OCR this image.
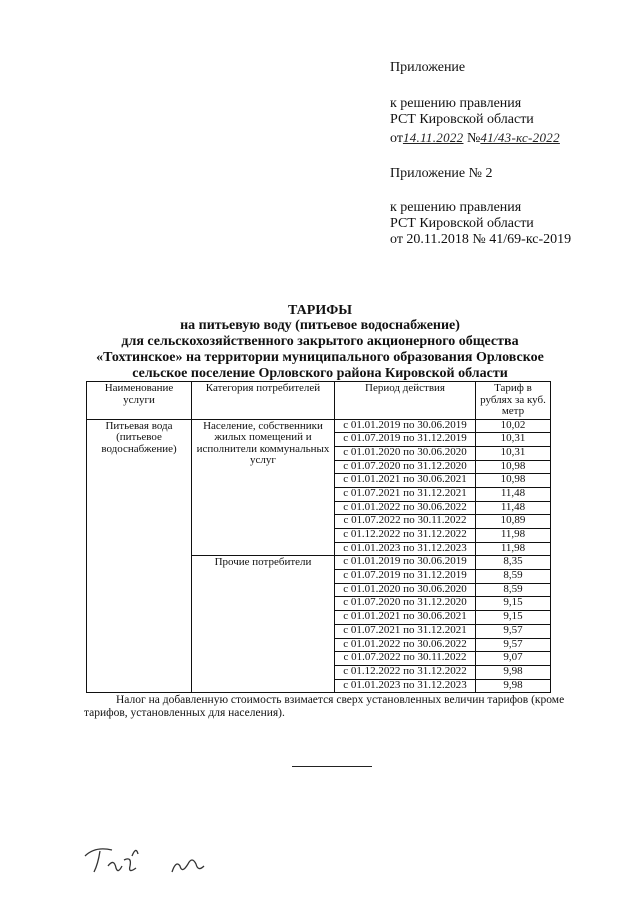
Приложение
к решению правления
РСТ Кировской области
от14.11.2022 №41/43-кс-2022
Приложение № 2
к решению правления
РСТ Кировской области
от 20.11.2018 № 41/69-кс-2019
ТАРИФЫ
на питьевую воду (питьевое водоснабжение)
для сельскохозяйственного закрытого акционерного общества
«Тохтинское» на территории муниципального образования Орловское
сельское поселение Орловского района Кировской области
Наименование услуги	Категория потребителей	Период действия	Тариф в рублях за куб. метр
Питьевая вода (питьевое водоснабжение)	Население, собственники жилых помещений и исполнители коммунальных услуг	с 01.01.2019 по 30.06.2019	10,02
		с 01.07.2019 по 31.12.2019	10,31
		с 01.01.2020 по 30.06.2020	10,31
		с 01.07.2020 по 31.12.2020	10,98
		с 01.01.2021 по 30.06.2021	10,98
		с 01.07.2021 по 31.12.2021	11,48
		с 01.01.2022 по 30.06.2022	11,48
		с 01.07.2022 по 30.11.2022	10,89
		с 01.12.2022 по 31.12.2022	11,98
		с 01.01.2023 по 31.12.2023	11,98
	Прочие потребители	с 01.01.2019 по 30.06.2019	8,35
		с 01.07.2019 по 31.12.2019	8,59
		с 01.01.2020 по 30.06.2020	8,59
		с 01.07.2020 по 31.12.2020	9,15
		с 01.01.2021 по 30.06.2021	9,15
		с 01.07.2021 по 31.12.2021	9,57
		с 01.01.2022 по 30.06.2022	9,57
		с 01.07.2022 по 30.11.2022	9,07
		с 01.12.2022 по 31.12.2022	9,98
		с 01.01.2023 по 31.12.2023	9,98
Налог на добавленную стоимость взимается сверх установленных величин тарифов (кроме тарифов, установленных для населения).
